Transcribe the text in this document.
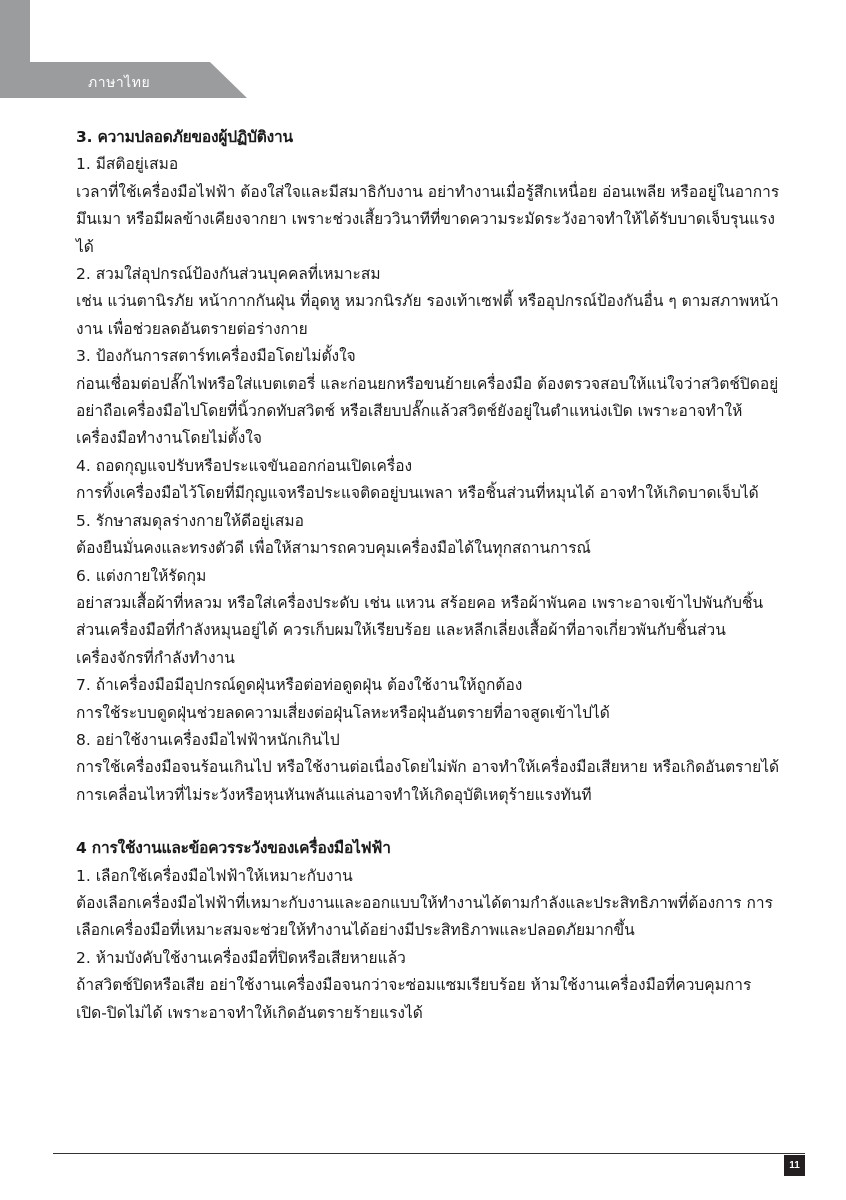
ภาษาไทย
3. ความปลอดภัยของผู้ปฏิบัติงาน

1. มีสติอยู่เสมอ

เวลาที่ใช้เครื่องมือไฟฟ้า ต้องใส่ใจและมีสมาธิกับงาน อย่าทำงานเมื่อรู้สึกเหนื่อย อ่อนเพลีย หรืออยู่ในอาการมึนเมา หรือมีผลข้างเคียงจากยา เพราะช่วงเสี้ยววินาทีที่ขาดความระมัดระวังอาจทำให้ได้รับบาดเจ็บรุนแรงได้

2. สวมใส่อุปกรณ์ป้องกันส่วนบุคคลที่เหมาะสม

เช่น แว่นตานิรภัย หน้ากากกันฝุ่น ที่อุดหู หมวกนิรภัย รองเท้าเซฟตี้ หรืออุปกรณ์ป้องกันอื่น ๆ ตามสภาพหน้างาน เพื่อช่วยลดอันตรายต่อร่างกาย

3. ป้องกันการสตาร์ทเครื่องมือโดยไม่ตั้งใจ

ก่อนเชื่อมต่อปลั๊กไฟหรือใส่แบตเตอรี่ และก่อนยกหรือขนย้ายเครื่องมือ ต้องตรวจสอบให้แน่ใจว่าสวิตช์ปิดอยู่ อย่าถือเครื่องมือไปโดยที่นิ้วกดทับสวิตช์ หรือเสียบปลั๊กแล้วสวิตช์ยังอยู่ในตำแหน่งเปิด เพราะอาจทำให้เครื่องมือทำงานโดยไม่ตั้งใจ

4. ถอดกุญแจปรับหรือประแจขันออกก่อนเปิดเครื่อง

การทิ้งเครื่องมือไว้โดยที่มีกุญแจหรือประแจติดอยู่บนเพลา หรือชิ้นส่วนที่หมุนได้ อาจทำให้เกิดบาดเจ็บได้

5. รักษาสมดุลร่างกายให้ดีอยู่เสมอ

ต้องยืนมั่นคงและทรงตัวดี เพื่อให้สามารถควบคุมเครื่องมือได้ในทุกสถานการณ์

6. แต่งกายให้รัดกุม

อย่าสวมเสื้อผ้าที่หลวม หรือใส่เครื่องประดับ เช่น แหวน สร้อยคอ หรือผ้าพันคอ เพราะอาจเข้าไปพันกับชิ้นส่วนเครื่องมือที่กำลังหมุนอยู่ได้ ควรเก็บผมให้เรียบร้อย และหลีกเลี่ยงเสื้อผ้าที่อาจเกี่ยวพันกับชิ้นส่วนเครื่องจักรที่กำลังทำงาน

7. ถ้าเครื่องมือมีอุปกรณ์ดูดฝุ่นหรือต่อท่อดูดฝุ่น ต้องใช้งานให้ถูกต้อง

การใช้ระบบดูดฝุ่นช่วยลดความเสี่ยงต่อฝุ่นโลหะหรือฝุ่นอันตรายที่อาจสูดเข้าไปได้

8. อย่าใช้งานเครื่องมือไฟฟ้าหนักเกินไป

การใช้เครื่องมือจนร้อนเกินไป หรือใช้งานต่อเนื่องโดยไม่พัก อาจทำให้เครื่องมือเสียหาย หรือเกิดอันตรายได้ การเคลื่อนไหวที่ไม่ระวังหรือหุนหันพลันแล่นอาจทำให้เกิดอุบัติเหตุร้ายแรงทันที

4 การใช้งานและข้อควรระวังของเครื่องมือไฟฟ้า

1. เลือกใช้เครื่องมือไฟฟ้าให้เหมาะกับงาน

ต้องเลือกเครื่องมือไฟฟ้าที่เหมาะกับงานและออกแบบให้ทำงานได้ตามกำลังและประสิทธิภาพที่ต้องการ การเลือกเครื่องมือที่เหมาะสมจะช่วยให้ทำงานได้อย่างมีประสิทธิภาพและปลอดภัยมากขึ้น

2. ห้ามบังคับใช้งานเครื่องมือที่ปิดหรือเสียหายแล้ว

ถ้าสวิตช์ปิดหรือเสีย อย่าใช้งานเครื่องมือจนกว่าจะซ่อมแซมเรียบร้อย ห้ามใช้งานเครื่องมือที่ควบคุมการเปิด-ปิดไม่ได้ เพราะอาจทำให้เกิดอันตรายร้ายแรงได้

11
